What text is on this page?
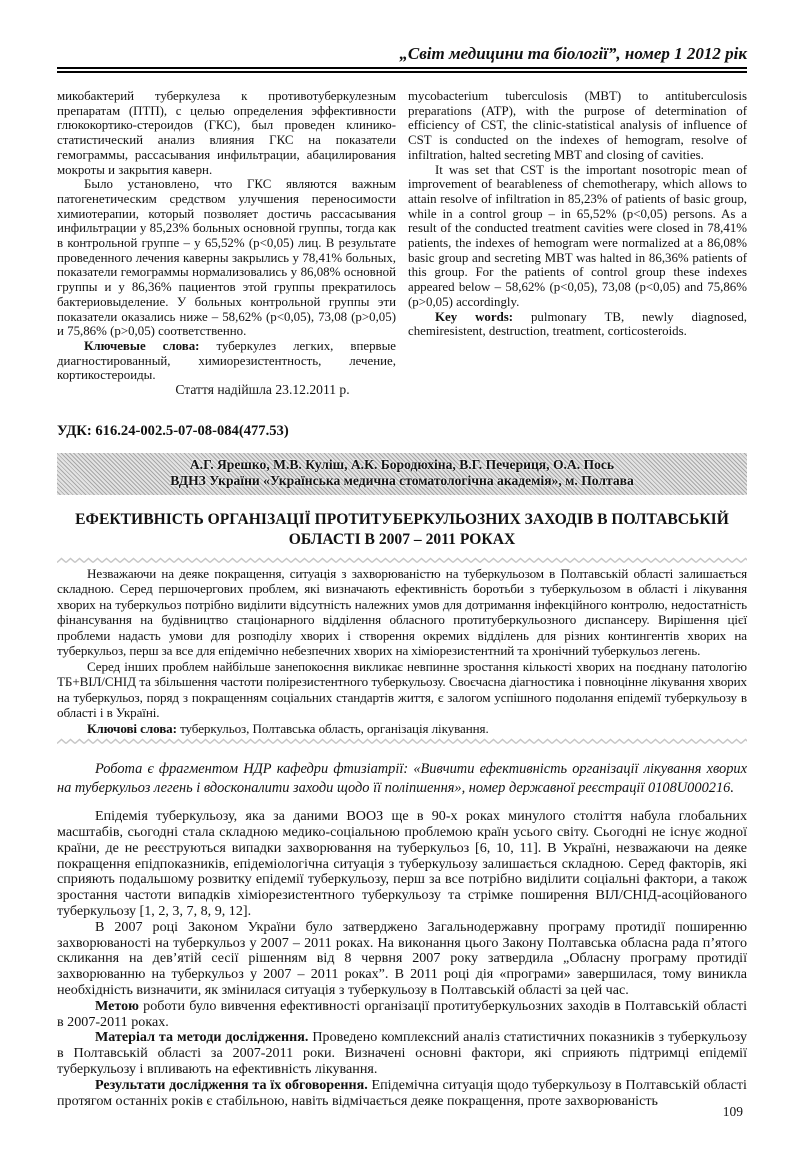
„Світ медицини та біології”, номер 1 2012 рік

микобактерий туберкулеза к противотуберкулезным препаратам (ПТП), с целью определения эффективности глюкокортико-стероидов (ГКС), был проведен клинико-статистический анализ влияния ГКС на показатели гемограммы, рассасывания инфильтрации, абацилирования мокроты и закрытия каверн.

Было установлено, что ГКС являются важным патогенетическим средством улучшения переносимости химиотерапии, который позволяет достичь рассасывания инфильтрации у 85,23% больных основной группы, тогда как в контрольной группе – у 65,52% (р<0,05) лиц. В результате проведенного лечения каверны закрылись у 78,41% больных, показатели гемограммы нормализовались у 86,08% основной группы и у 86,36% пациентов этой группы прекратилось бактериовыделение. У больных контрольной группы эти показатели оказались ниже – 58,62% (р<0,05), 73,08 (р>0,05) и 75,86% (р>0,05) соответственно.

Ключевые слова: туберкулез легких, впервые диагностированный, химиорезистентность, лечение, кортикостероиды.

Стаття надійшла 23.12.2011 р.

mycobacterium tuberculosis (MBT) to antituberculosis preparations (ATP), with the purpose of determination of efficiency of CST, the clinic-statistical analysis of influence of CST is conducted on the indexes of hemogram, resolve of infiltration, halted secreting MBT and closing of cavities.

It was set that CST is the important nosotropic mean of improvement of bearableness of chemotherapy, which allows to attain resolve of infiltration in 85,23% of patients of basic group, while in a control group – in 65,52% (p<0,05) persons. As a result of the conducted treatment cavities were closed in 78,41% patients, the indexes of hemogram were normalized at a 86,08% basic group and secreting MBT was halted in 86,36% patients of this group. For the patients of control group these indexes appeared below – 58,62% (p<0,05), 73,08 (p<0,05) and 75,86% (p>0,05) accordingly.

Key words: pulmonary TB, newly diagnosed, chemiresistent, destruction, treatment, corticosteroids.

УДК: 616.24-002.5-07-08-084(477.53)
А.Г. Ярешко, М.В. Куліш, А.К. Бородюхіна, В.Г. Печериця, О.А. Пось
ВДНЗ України «Українська медична стоматологічна академія», м. Полтава
ЕФЕКТИВНІСТЬ ОРГАНІЗАЦІЇ ПРОТИТУБЕРКУЛЬОЗНИХ ЗАХОДІВ В ПОЛТАВСЬКІЙ ОБЛАСТІ В 2007 – 2011 РОКАХ

Незважаючи на деяке покращення, ситуація з захворюваністю на туберкульозом в Полтавській області залишається складною. Серед першочергових проблем, які визначають ефективність боротьби з туберкульозом в області і лікування хворих на туберкульоз потрібно виділити відсутність належних умов для дотримання інфекційного контролю, недостатність фінансування на будівництво стаціонарного відділення обласного протитуберкульозного диспансеру. Вирішення цієї проблеми надасть умови для розподілу хворих і створення окремих відділень для різних контингентів хворих на туберкульоз, перш за все для епідемічно небезпечних хворих на хіміорезистентний та хронічний туберкульоз легень.

Серед інших проблем найбільше занепокоєння викликає невпинне зростання кількості хворих на поєднану патологію ТБ+ВІЛ/СНІД та збільшення частоти полірезистентного туберкульозу. Своєчасна діагностика і повноцінне лікування хворих на туберкульоз, поряд з покращенням соціальних стандартів життя, є залогом успішного подолання епідемії туберкульозу в області і в Україні.

Ключові слова: туберкульоз, Полтавська область, організація лікування.

Робота є фрагментом НДР кафедри фтизіатрії: «Вивчити ефективність організації лікування хворих на туберкульоз легень і вдосконалити заходи щодо її поліпшення», номер державної реєстрації 0108U000216.

Епідемія туберкульозу, яка за даними ВООЗ ще в 90-х роках минулого століття набула глобальних масштабів, сьогодні стала складною медико-соціальною проблемою країн усього світу. Сьогодні не існує жодної країни, де не реєструються випадки захворювання на туберкульоз [6, 10, 11]. В Україні, незважаючи на деяке покращення епідпоказників, епідеміологічна ситуація з туберкульозу залишається складною. Серед факторів, які сприяють подальшому розвитку епідемії туберкульозу, перш за все потрібно виділити соціальні фактори, а також зростання частоти випадків хіміорезистентного туберкульозу та стрімке поширення ВІЛ/СНІД-асоційованого туберкульозу [1, 2, 3, 7, 8, 9, 12].

В 2007 році Законом України було затверджено Загальнодержавну програму протидії поширенню захворюваності на туберкульоз у 2007 – 2011 роках. На виконання цього Закону Полтавська обласна рада п’ятого скликання на дев’ятій сесії рішенням від 8 червня 2007 року затвердила „Обласну програму протидії захворюванню на туберкульоз у 2007 – 2011 роках”. В 2011 році дія «програми» завершилася, тому виникла необхідність визначити, як змінилася ситуація з туберкульозу в Полтавській області за цей час.

Метою роботи було вивчення ефективності організації протитуберкульозних заходів в Полтавській області в 2007-2011 роках.

Матеріал та методи дослідження. Проведено комплексний аналіз статистичних показників з туберкульозу в Полтавській області за 2007-2011 роки. Визначені основні фактори, які сприяють підтримці епідемії туберкульозу і впливають на ефективність лікування.

Результати дослідження та їх обговорення. Епідемічна ситуація щодо туберкульозу в Полтавській області протягом останніх років є стабільною, навіть відмічається деяке покращення, проте захворюваність

109
